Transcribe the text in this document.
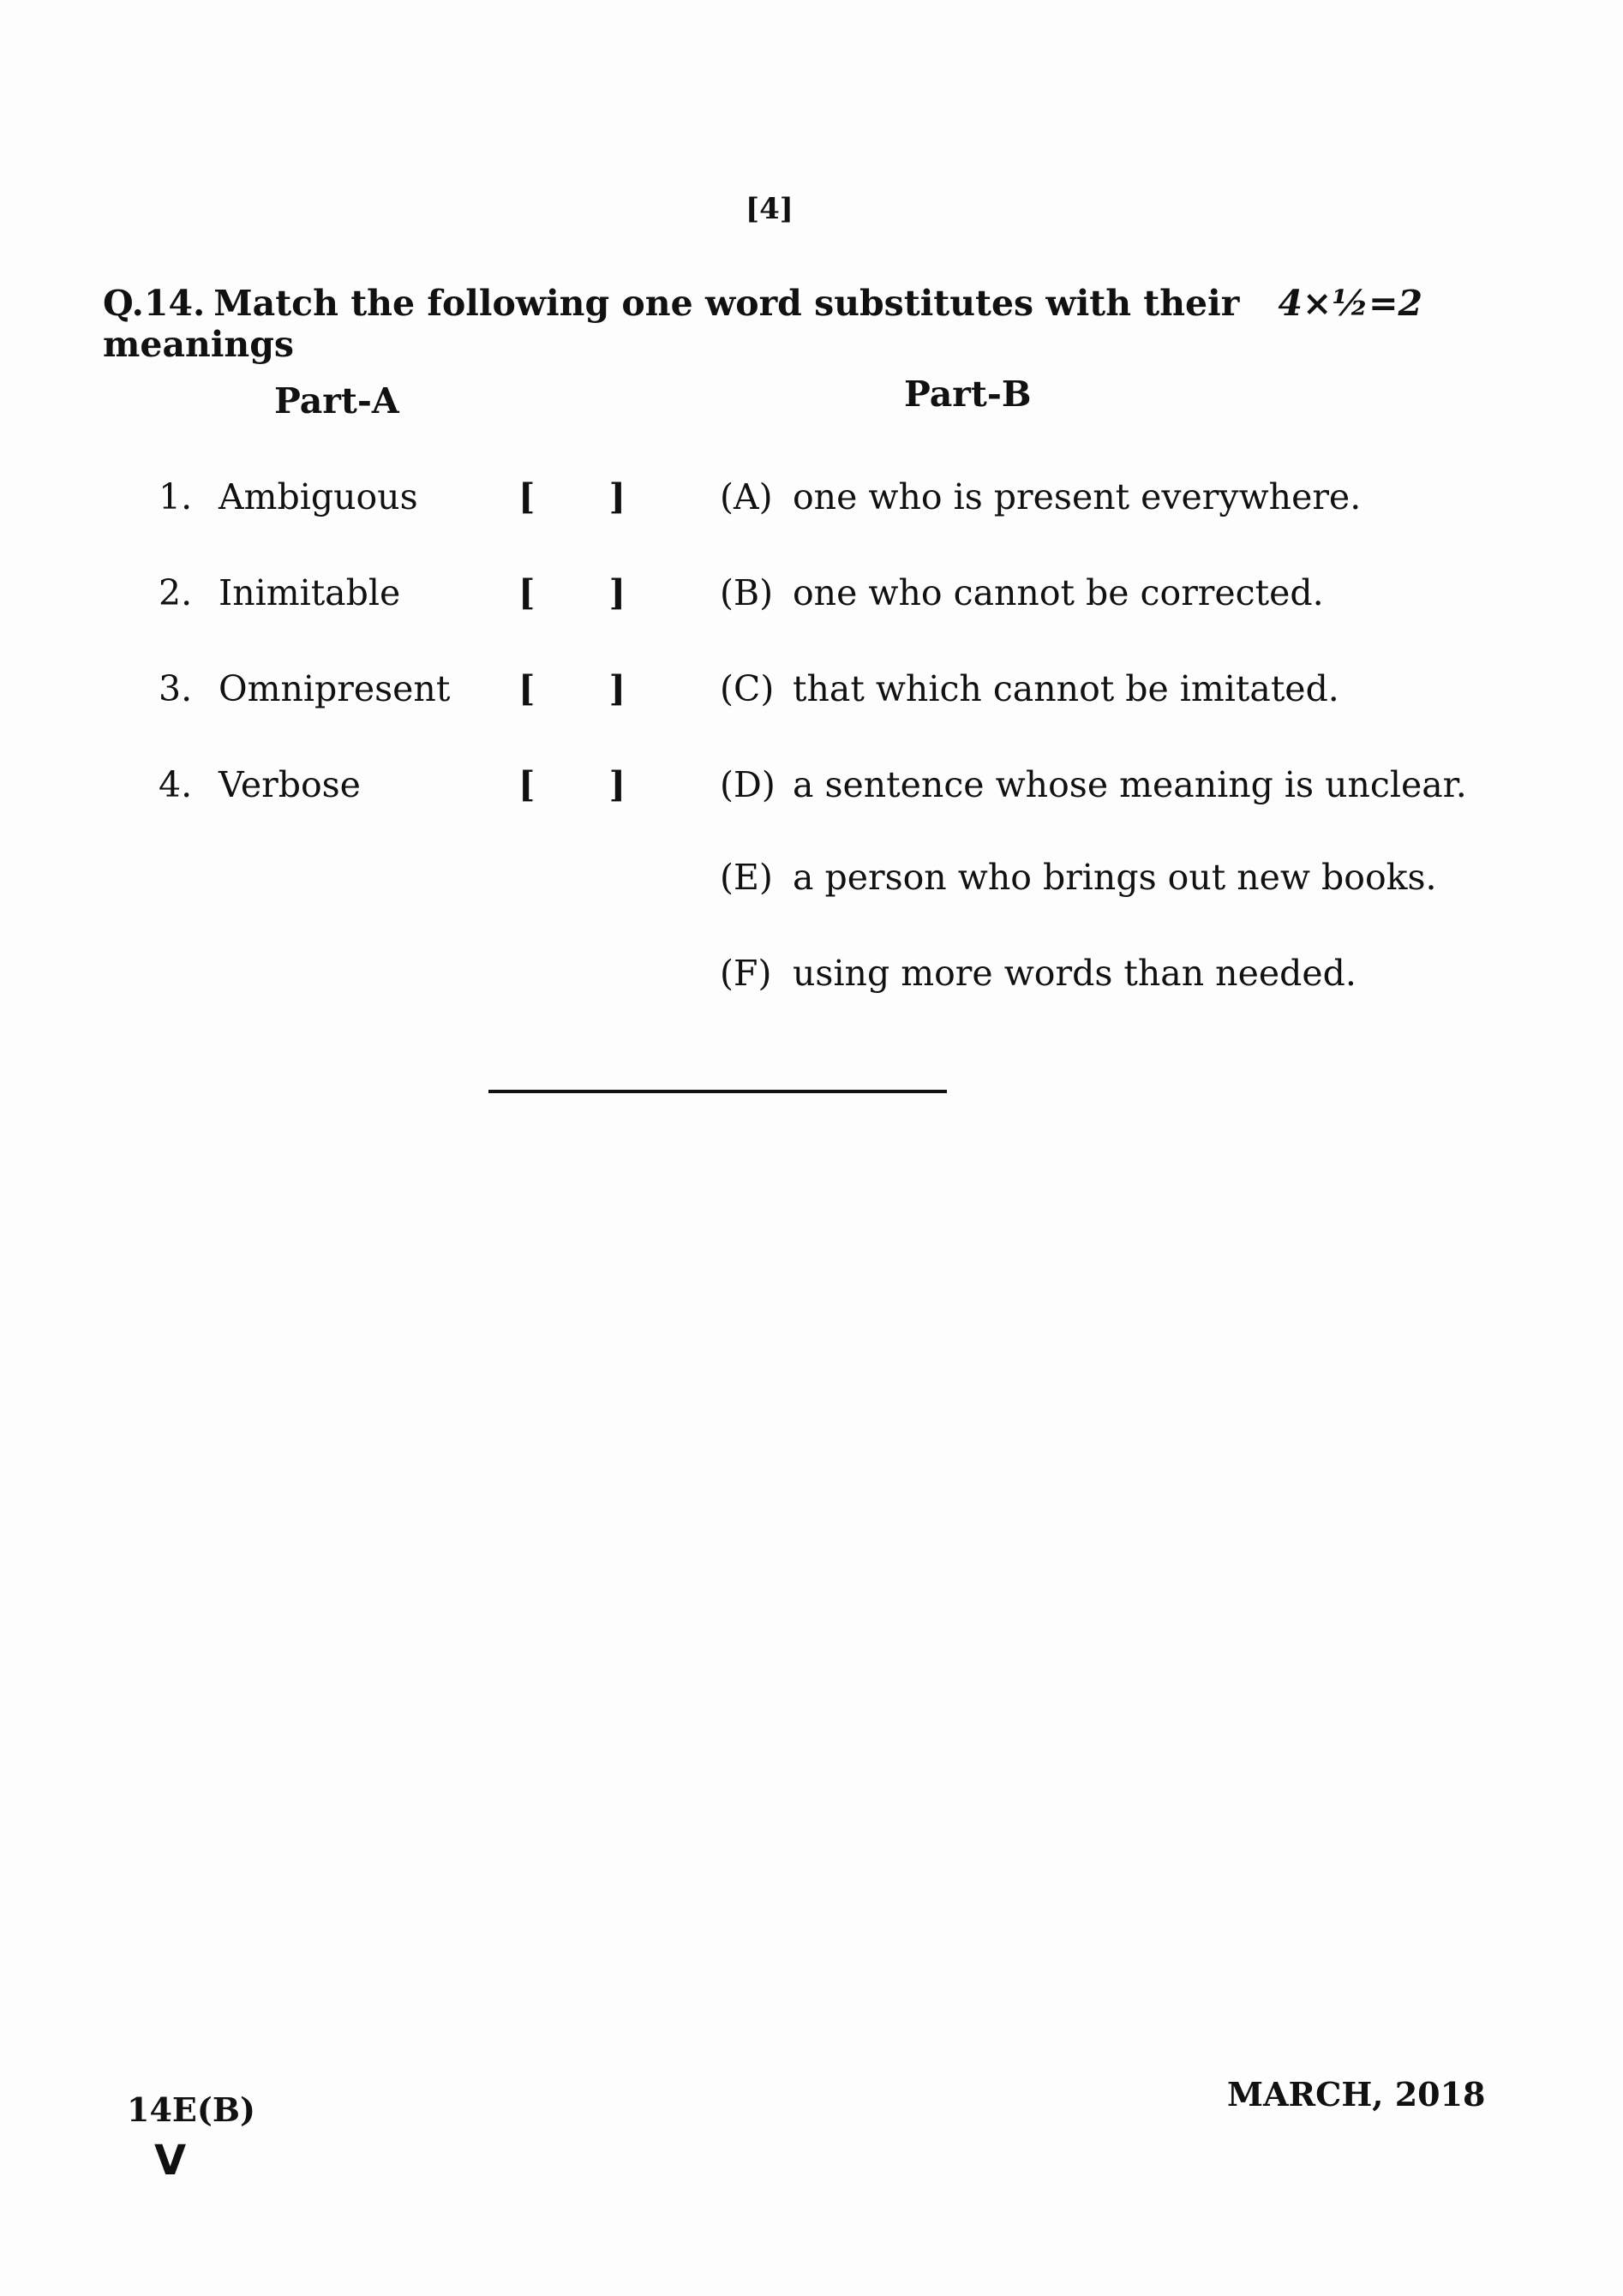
[4]
Q.14. Match the following one word substitutes with their meanings
4×½=2
Part-A	Part-B
1. Ambiguous	[ ]
2. Inimitable	[ ]
3. Omnipresent [ ]
4. Verbose	[ ]
(A) one who is present everywhere.
(B) one who cannot be corrected.
(C) that which cannot be imitated.
(D) a sentence whose meaning is unclear.
(E) a person who brings out new books.
(F) using more words than needed.
14E(B)
V
MARCH, 2018
